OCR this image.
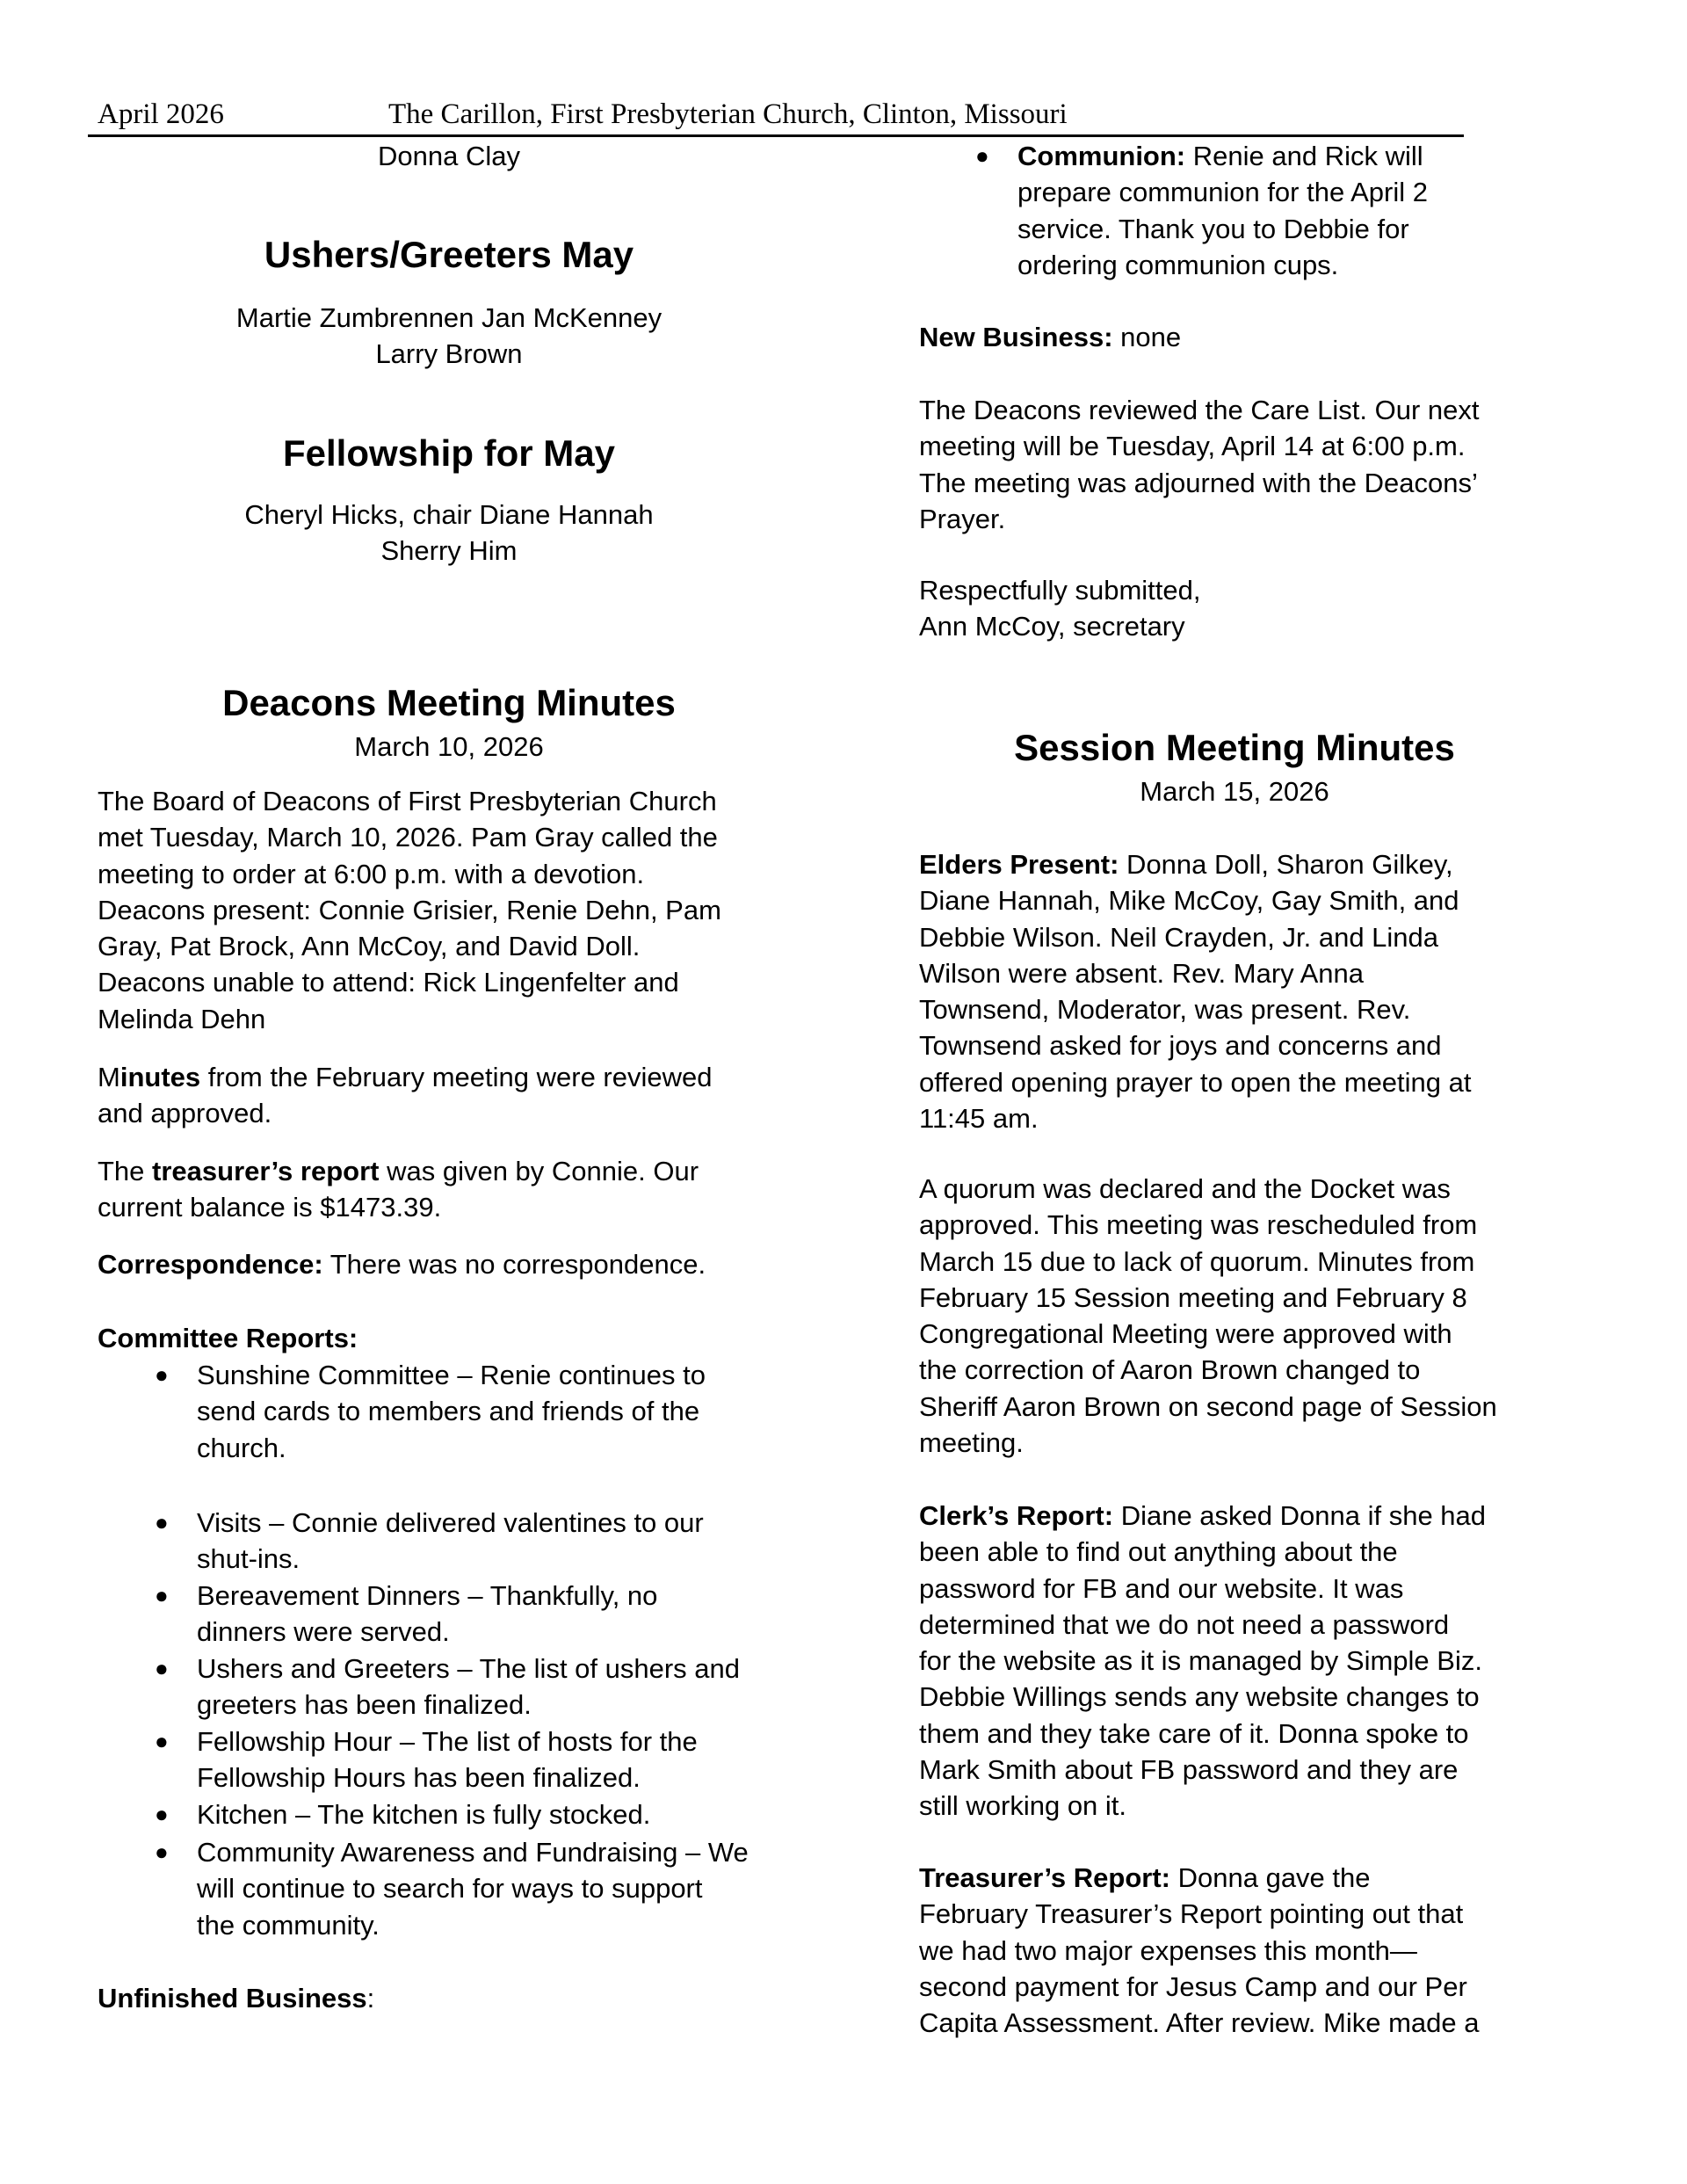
April 2026	The Carillon, First Presbyterian Church, Clinton, Missouri
Donna Clay
Ushers/Greeters May
Martie Zumbrennen Jan McKenney
Larry Brown
Fellowship for May
Cheryl Hicks, chair Diane Hannah
Sherry Him
Deacons Meeting Minutes
March 10, 2026
The Board of Deacons of First Presbyterian Church
met Tuesday, March 10, 2026. Pam Gray called the
meeting to order at 6:00 p.m. with a devotion.
Deacons present: Connie Grisier, Renie Dehn, Pam
Gray, Pat Brock, Ann McCoy, and David Doll.
Deacons unable to attend: Rick Lingenfelter and
Melinda Dehn
Minutes from the February meeting were reviewed
and approved.
The treasurer’s report was given by Connie. Our
current balance is $1473.39.
Correspondence: There was no correspondence.
Committee Reports:
● Sunshine Committee – Renie continues to
send cards to members and friends of the
church.
● Visits – Connie delivered valentines to our
shut-ins.
● Bereavement Dinners – Thankfully, no
dinners were served.
● Ushers and Greeters – The list of ushers and
greeters has been finalized.
● Fellowship Hour – The list of hosts for the
Fellowship Hours has been finalized.
● Kitchen – The kitchen is fully stocked.
● Community Awareness and Fundraising – We
will continue to search for ways to support
the community.
Unfinished Business:
● Communion: Renie and Rick will
prepare communion for the April 2
service. Thank you to Debbie for
ordering communion cups.
New Business: none
The Deacons reviewed the Care List. Our next
meeting will be Tuesday, April 14 at 6:00 p.m.
The meeting was adjourned with the Deacons’
Prayer.
Respectfully submitted,
Ann McCoy, secretary
Session Meeting Minutes
March 15, 2026
Elders Present: Donna Doll, Sharon Gilkey,
Diane Hannah, Mike McCoy, Gay Smith, and
Debbie Wilson. Neil Crayden, Jr. and Linda
Wilson were absent. Rev. Mary Anna
Townsend, Moderator, was present. Rev.
Townsend asked for joys and concerns and
offered opening prayer to open the meeting at
11:45 am.
A quorum was declared and the Docket was
approved. This meeting was rescheduled from
March 15 due to lack of quorum. Minutes from
February 15 Session meeting and February 8
Congregational Meeting were approved with
the correction of Aaron Brown changed to
Sheriff Aaron Brown on second page of Session
meeting.
Clerk’s Report: Diane asked Donna if she had
been able to find out anything about the
password for FB and our website. It was
determined that we do not need a password
for the website as it is managed by Simple Biz.
Debbie Willings sends any website changes to
them and they take care of it. Donna spoke to
Mark Smith about FB password and they are
still working on it.
Treasurer’s Report: Donna gave the
February Treasurer’s Report pointing out that
we had two major expenses this month—
second payment for Jesus Camp and our Per
Capita Assessment. After review. Mike made a
